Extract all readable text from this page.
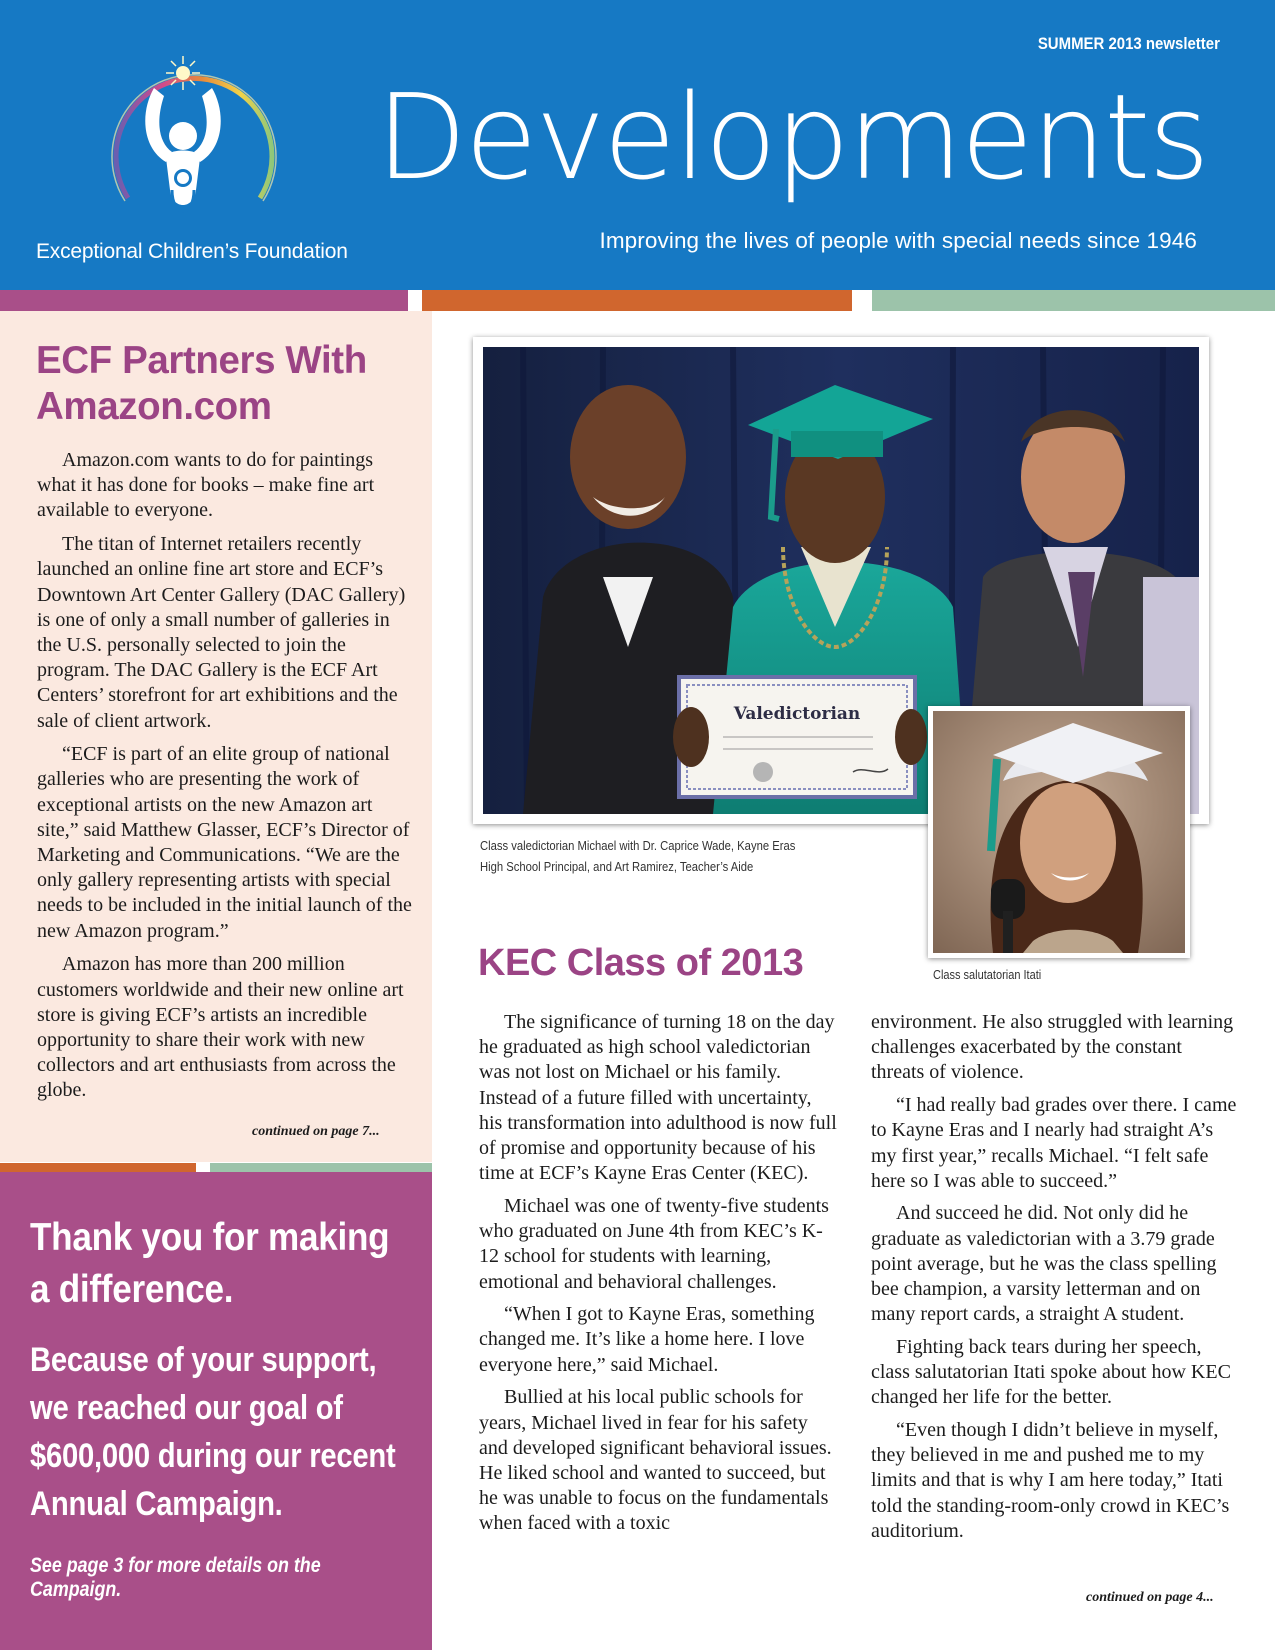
Exceptional Children’s Foundation
SUMMER 2013 newsletter
Developments
Improving the lives of people with special needs since 1946
ECF Partners With Amazon.com

Amazon.com wants to do for paintings what it has done for books – make fine art available to everyone.

The titan of Internet retailers recently launched an online fine art store and ECF’s Downtown Art Center Gallery (DAC Gallery) is one of only a small number of galleries in the U.S. personally selected to join the program. The DAC Gallery is the ECF Art Centers’ storefront for art exhibitions and the sale of client artwork.

“ECF is part of an elite group of national galleries who are presenting the work of exceptional artists on the new Amazon art site,” said Matthew Glasser, ECF’s Director of Marketing and Communications. “We are the only gallery representing artists with special needs to be included in the initial launch of the new Amazon program.”

Amazon has more than 200 million customers worldwide and their new online art store is giving ECF’s artists an incredible opportunity to share their work with new collectors and art enthusiasts from across the globe.

continued on page 7...
Thank you for making a difference.
Because of your support, we reached our goal of $600,000 during our recent Annual Campaign.
See page 3 for more details on the Campaign.
Valedictorian
Class valedictorian Michael with Dr. Caprice Wade, Kayne Eras High School Principal, and Art Ramirez, Teacher’s Aide
Class salutatorian Itati
KEC Class of 2013

The significance of turning 18 on the day he graduated as high school valedictorian was not lost on Michael or his family. Instead of a future filled with uncertainty, his transformation into adulthood is now full of promise and opportunity because of his time at ECF’s Kayne Eras Center (KEC).

Michael was one of twenty-five students who graduated on June 4th from KEC’s K-12 school for students with learning, emotional and behavioral challenges.

“When I got to Kayne Eras, something changed me. It’s like a home here. I love everyone here,” said Michael.

Bullied at his local public schools for years, Michael lived in fear for his safety and developed significant behavioral issues. He liked school and wanted to succeed, but he was unable to focus on the fundamentals when faced with a toxic

environment. He also struggled with learning challenges exacerbated by the constant threats of violence.

“I had really bad grades over there. I came to Kayne Eras and I nearly had straight A’s my first year,” recalls Michael. “I felt safe here so I was able to succeed.”

And succeed he did. Not only did he graduate as valedictorian with a 3.79 grade point average, but he was the class spelling bee champion, a varsity letterman and on many report cards, a straight A student.

Fighting back tears during her speech, class salutatorian Itati spoke about how KEC changed her life for the better.

“Even though I didn’t believe in myself, they believed in me and pushed me to my limits and that is why I am here today,” Itati told the standing-room-only crowd in KEC’s auditorium.

continued on page 4...
